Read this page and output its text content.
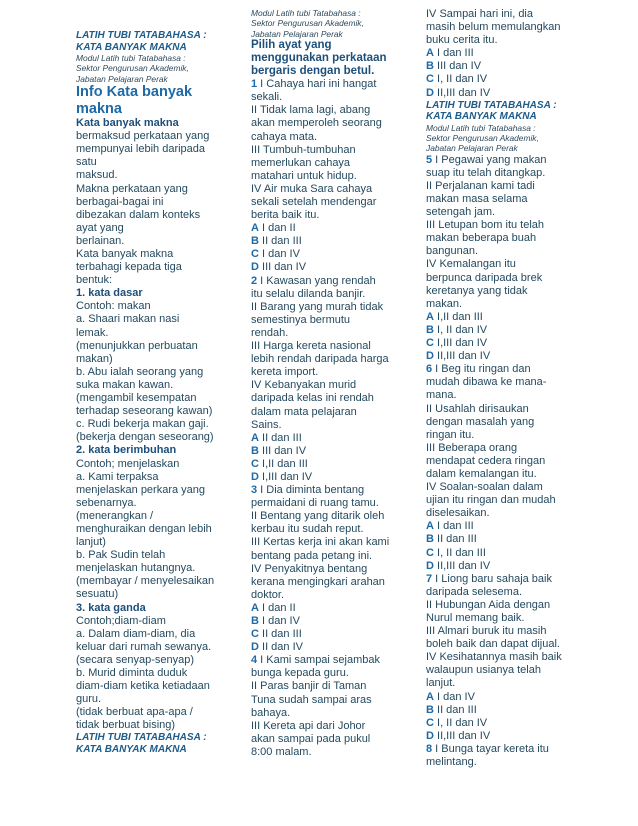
LATIH TUBI TATABAHASA :
KATA BANYAK MAKNA
Modul Latih tubi Tatabahasa :
Sektor Pengurusan Akademik,
Jabatan Pelajaran Perak
Info Kata banyak
makna
Kata banyak makna
bermaksud perkataan yang
mempunyai lebih daripada
satu
maksud.
Makna perkataan yang
berbagai-bagai ini
dibezakan dalam konteks
ayat yang
berlainan.
Kata banyak makna
terbahagi kepada tiga
bentuk:
1. kata dasar
Contoh: makan
a. Shaari makan nasi
lemak.
(menunjukkan perbuatan
makan)
b. Abu ialah seorang yang
suka makan kawan.
(mengambil kesempatan
terhadap seseorang kawan)
c. Rudi bekerja makan gaji.
(bekerja dengan seseorang)
2. kata berimbuhan
Contoh; menjelaskan
a. Kami terpaksa
menjelaskan perkara yang
sebenarnya.
(menerangkan /
menghuraikan dengan lebih
lanjut)
b. Pak Sudin telah
menjelaskan hutangnya.
(membayar / menyelesaikan
sesuatu)
3. kata ganda
Contoh;diam-diam
a. Dalam diam-diam, dia
keluar dari rumah sewanya.
(secara senyap-senyap)
b. Murid diminta duduk
diam-diam ketika ketiadaan
guru.
(tidak berbuat apa-apa /
tidak berbuat bising)
LATIH TUBI TATABAHASA :
KATA BANYAK MAKNA
Modul Latih tubi Tatabahasa :
Sektor Pengurusan Akademik,
Jabatan Pelajaran Perak
Pilih ayat yang
menggunakan perkataan
bergaris dengan betul.
1 I Cahaya hari ini hangat
sekali.
II Tidak lama lagi, abang
akan memperoleh seorang
cahaya mata.
III Tumbuh-tumbuhan
memerlukan cahaya
matahari untuk hidup.
IV Air muka Sara cahaya
sekali setelah mendengar
berita baik itu.
A I dan II
B II dan III
C I dan IV
D III dan IV
2 I Kawasan yang rendah
itu selalu dilanda banjir.
II Barang yang murah tidak
semestinya bermutu
rendah.
III Harga kereta nasional
lebih rendah daripada harga
kereta import.
IV Kebanyakan murid
daripada kelas ini rendah
dalam mata pelajaran
Sains.
A II dan III
B III dan IV
C I,II dan III
D I,III dan IV
3 I Dia diminta bentang
permaidani di ruang tamu.
II Bentang yang ditarik oleh
kerbau itu sudah reput.
III Kertas kerja ini akan kami
bentang pada petang ini.
IV Penyakitnya bentang
kerana mengingkari arahan
doktor.
A I dan II
B I dan IV
C II dan III
D II dan IV
4 I Kami sampai sejambak
bunga kepada guru.
II Paras banjir di Taman
Tuna sudah sampai aras
bahaya.
III Kereta api dari Johor
akan sampai pada pukul
8:00 malam.
IV Sampai hari ini, dia
masih belum memulangkan
buku cerita itu.
A I dan III
B III dan IV
C I, II dan IV
D II,III dan IV
LATIH TUBI TATABAHASA :
KATA BANYAK MAKNA
Modul Latih tubi Tatabahasa :
Sektor Pengurusan Akademik,
Jabatan Pelajaran Perak
5 I Pegawai yang makan
suap itu telah ditangkap.
II Perjalanan kami tadi
makan masa selama
setengah jam.
III Letupan bom itu telah
makan beberapa buah
bangunan.
IV Kemalangan itu
berpunca daripada brek
keretanya yang tidak
makan.
A I,II dan III
B I, II dan IV
C I,III dan IV
D II,III dan IV
6 I Beg itu ringan dan
mudah dibawa ke mana-
mana.
II Usahlah dirisaukan
dengan masalah yang
ringan itu.
III Beberapa orang
mendapat cedera ringan
dalam kemalangan itu.
IV Soalan-soalan dalam
ujian itu ringan dan mudah
diselesaikan.
A I dan III
B II dan III
C I, II dan III
D II,III dan IV
7 I Liong baru sahaja baik
daripada selesema.
II Hubungan Aida dengan
Nurul memang baik.
III Almari buruk itu masih
boleh baik dan dapat dijual.
IV Kesihatannya masih baik
walaupun usianya telah
lanjut.
A I dan IV
B II dan III
C I, II dan IV
D II,III dan IV
8 I Bunga tayar kereta itu
melintang.
